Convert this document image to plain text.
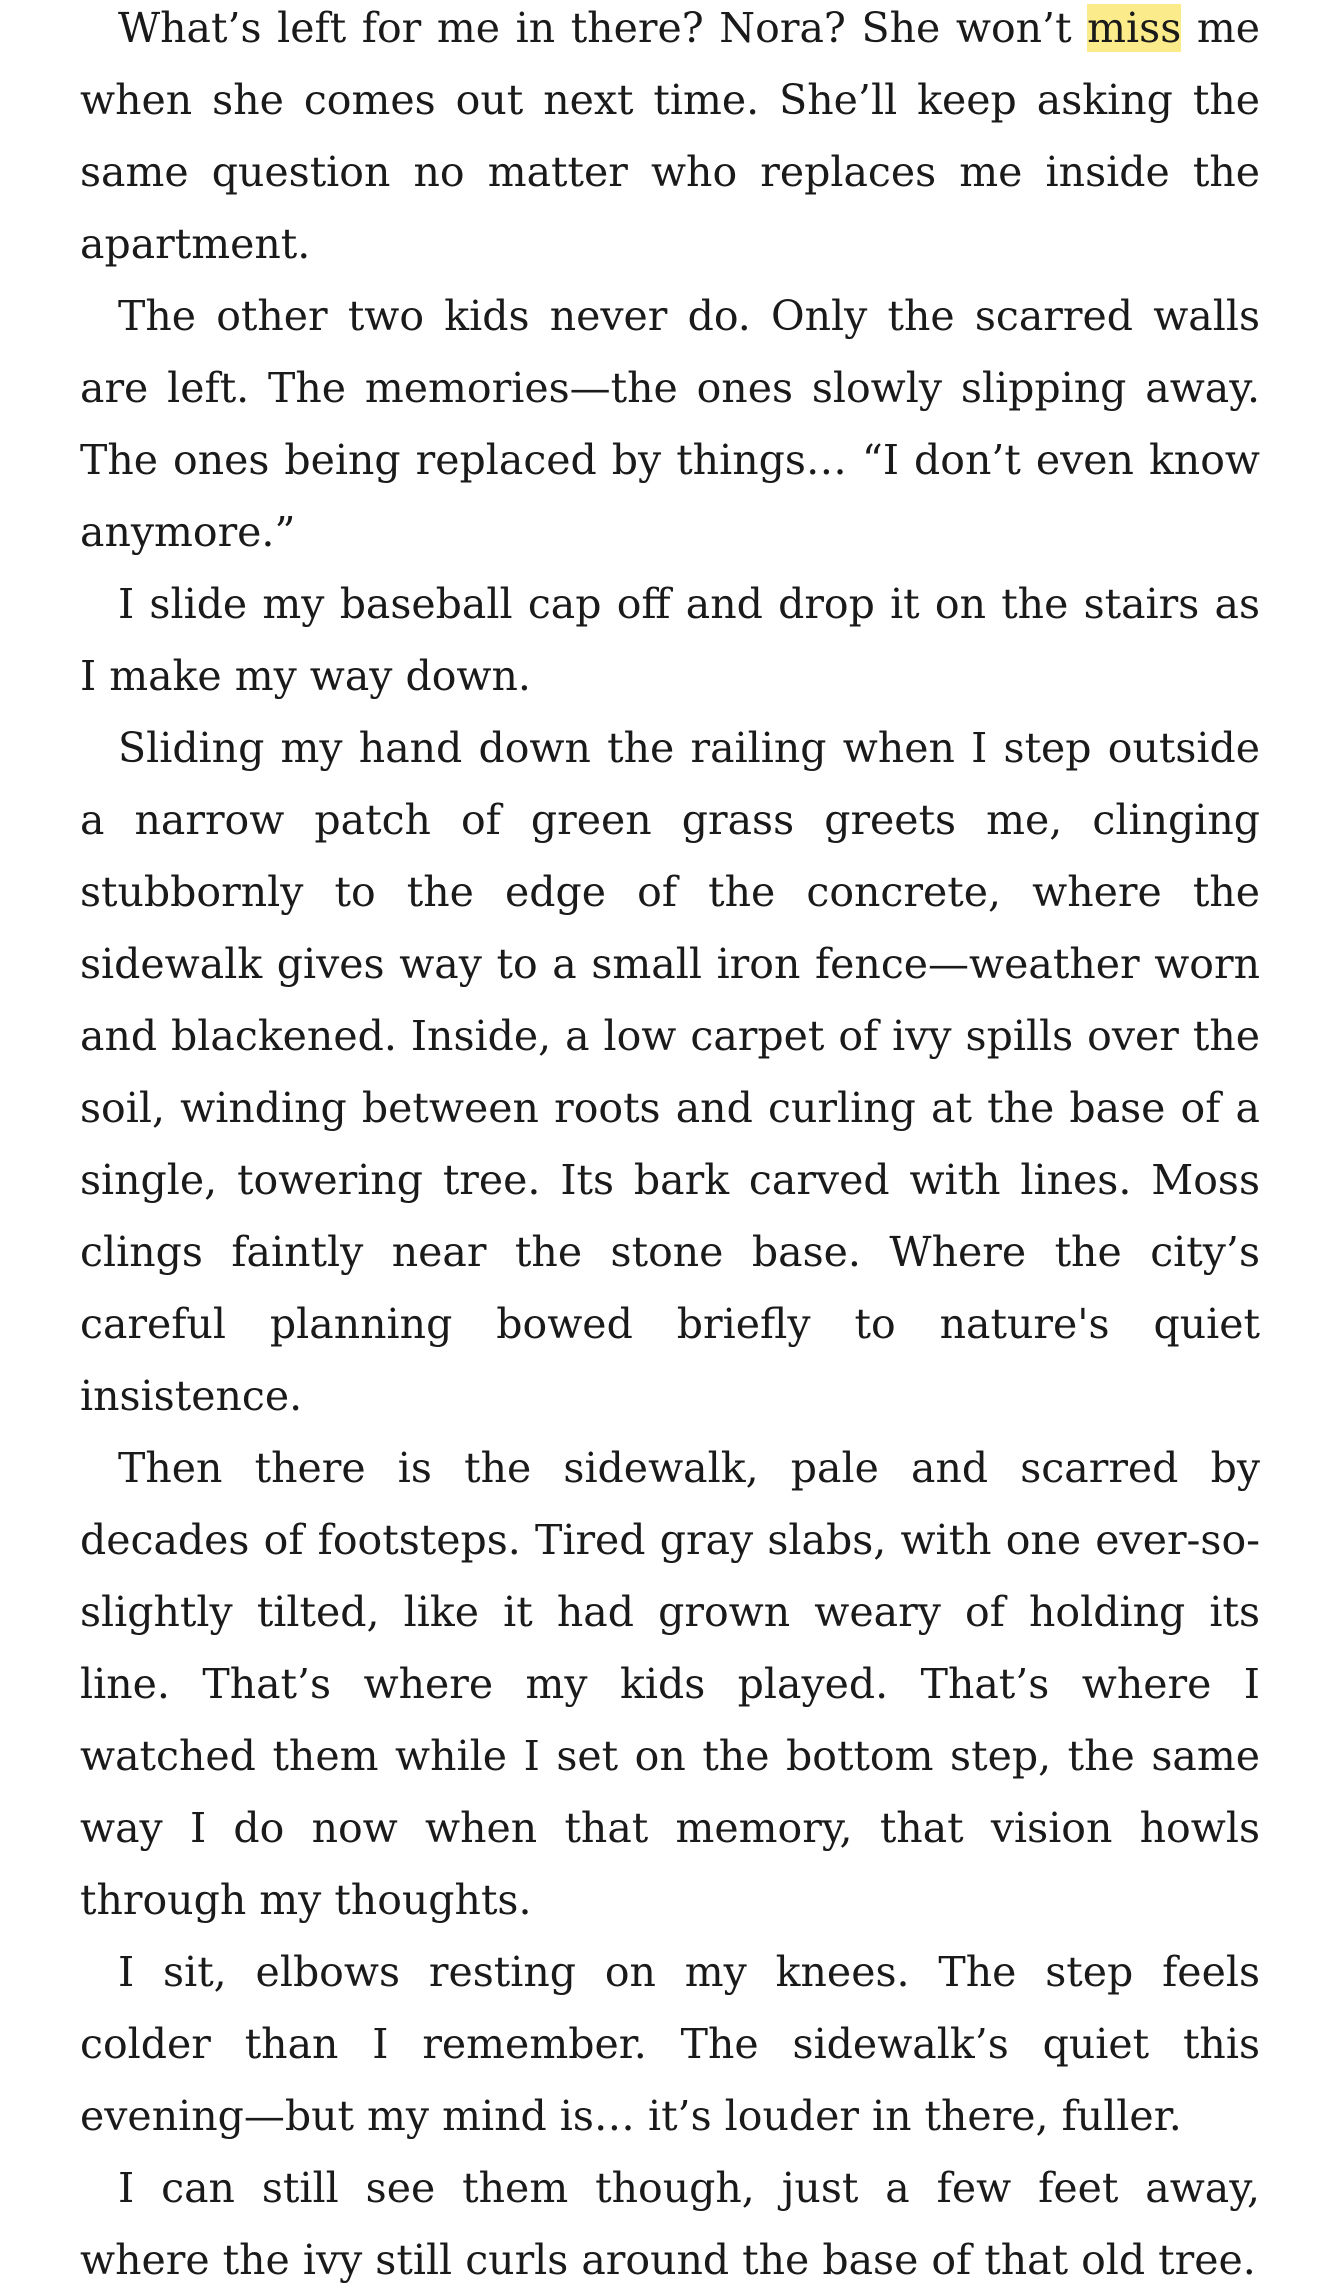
What’s left for me in there? Nora? She won’t miss me when she comes out next time. She’ll keep asking the same question no matter who replaces me inside the apartment.

The other two kids never do. Only the scarred walls are left. The memories—the ones slowly slipping away. The ones being replaced by things… “I don’t even know anymore.”

I slide my baseball cap off and drop it on the stairs as I make my way down.

Sliding my hand down the railing when I step outside a narrow patch of green grass greets me, clinging stubbornly to the edge of the concrete, where the sidewalk gives way to a small iron fence—weather worn and blackened. Inside, a low carpet of ivy spills over the soil, winding between roots and curling at the base of a single, towering tree. Its bark carved with lines. Moss clings faintly near the stone base. Where the city’s careful planning bowed briefly to nature's quiet insistence.

Then there is the sidewalk, pale and scarred by decades of footsteps. Tired gray slabs, with one ever-so-slightly tilted, like it had grown weary of holding its line. That’s where my kids played. That’s where I watched them while I set on the bottom step, the same way I do now when that memory, that vision howls through my thoughts.

I sit, elbows resting on my knees. The step feels colder than I remember. The sidewalk’s quiet this evening—but my mind is… it’s louder in there, fuller.

I can still see them though, just a few feet away, where the ivy still curls around the base of that old tree.
